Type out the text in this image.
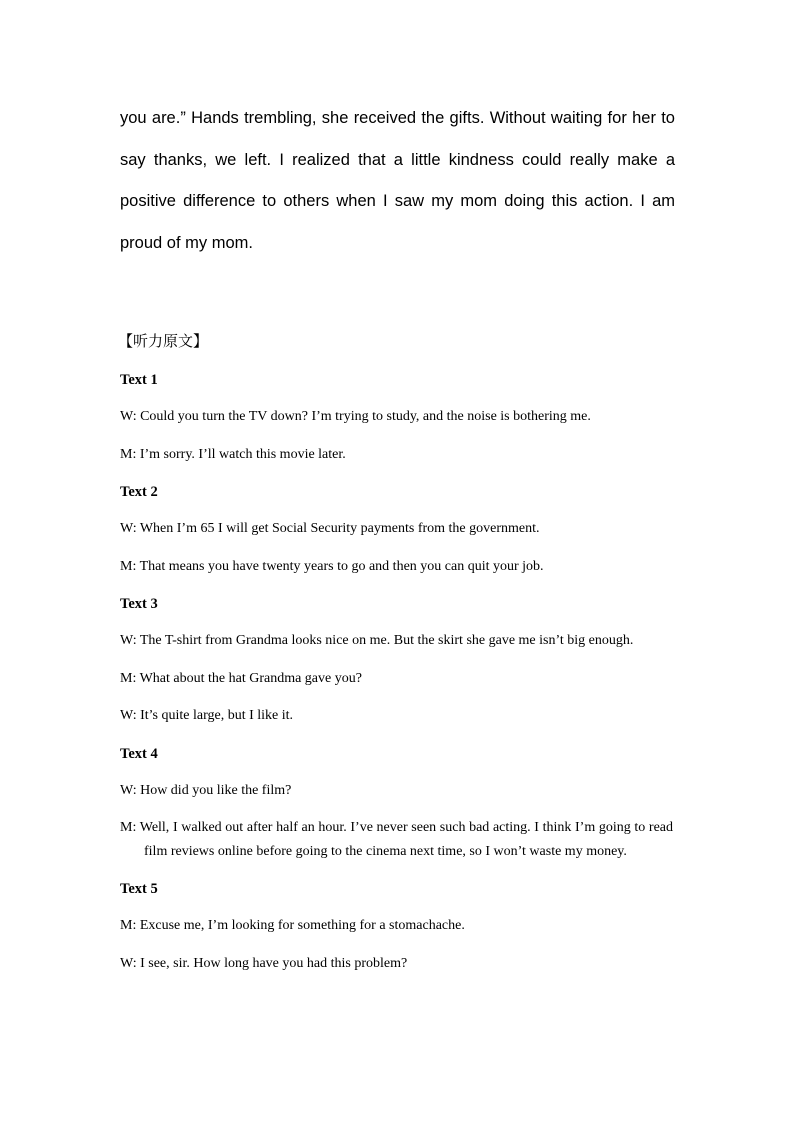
you are.” Hands trembling, she received the gifts. Without waiting for her to say thanks, we left. I realized that a little kindness could really make a positive difference to others when I saw my mom doing this action. I am proud of my mom.

【听力原文】

Text 1

W: Could you turn the TV down? I’m trying to study, and the noise is bothering me.

M: I’m sorry. I’ll watch this movie later.

Text 2

W: When I’m 65 I will get Social Security payments from the government.

M: That means you have twenty years to go and then you can quit your job.

Text 3

W: The T-shirt from Grandma looks nice on me. But the skirt she gave me isn’t big enough.

M: What about the hat Grandma gave you?

W: It’s quite large, but I like it.

Text 4

W: How did you like the film?

M: Well, I walked out after half an hour. I’ve never seen such bad acting. I think I’m going to read film reviews online before going to the cinema next time, so I won’t waste my money.

Text 5

M: Excuse me, I’m looking for something for a stomachache.

W: I see, sir. How long have you had this problem?
